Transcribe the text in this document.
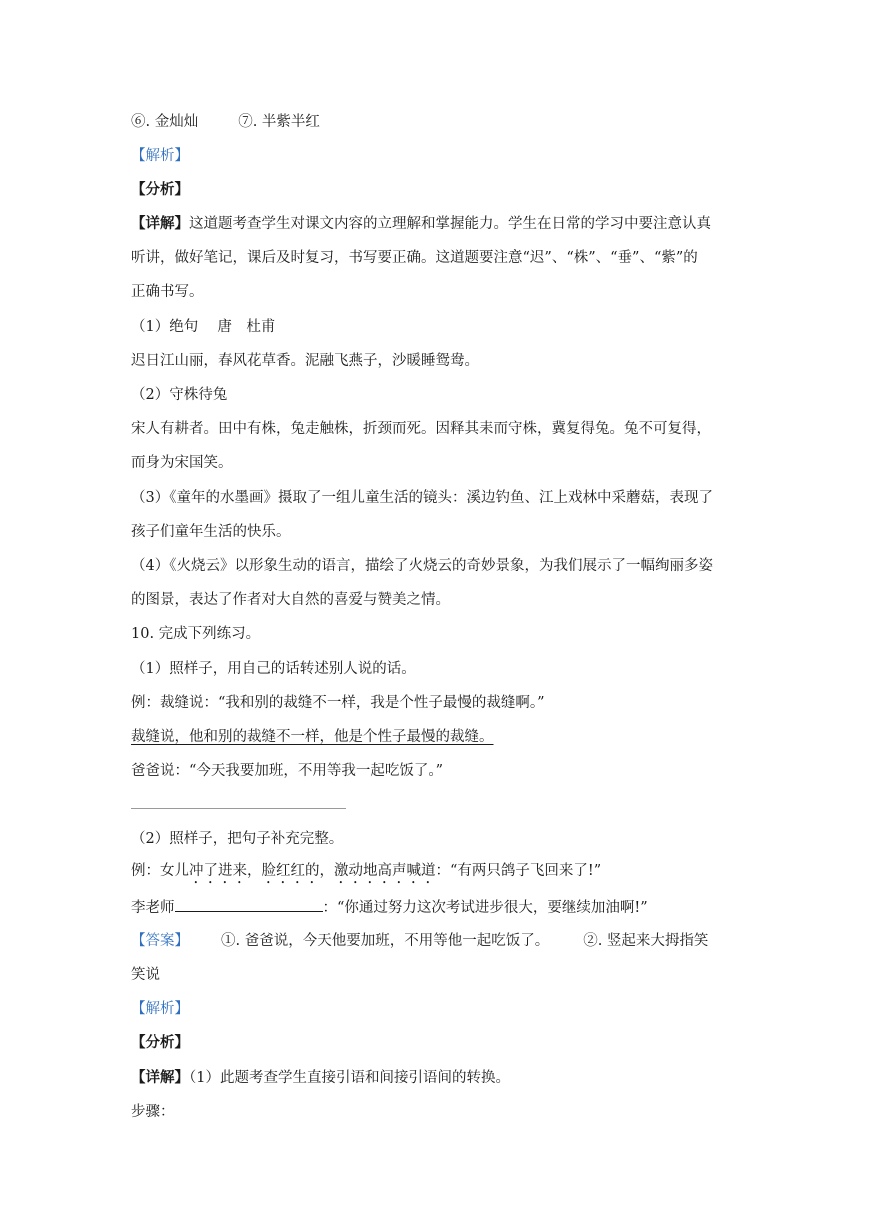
⑥. 金灿灿	⑦. 半紫半红
【解析】
【分析】
【详解】这道题考查学生对课文内容的立理解和掌握能力。学生在日常的学习中要注意认真
听讲，做好笔记，课后及时复习，书写要正确。这道题要注意“迟”、“株”、“垂”、“紫”的
正确书写。
（1）绝句　 唐　杜甫
迟日江山丽，春风花草香。泥融飞燕子，沙暖睡鸳鸯。
（2）守株待兔
宋人有耕者。田中有株，兔走触株，折颈而死。因释其耒而守株，冀复得兔。兔不可复得，
而身为宋国笑。
（3）《童年的水墨画》摄取了一组儿童生活的镜头：溪边钓鱼、江上戏林中采蘑菇，表现了
孩子们童年生活的快乐。
（4）《火烧云》以形象生动的语言，描绘了火烧云的奇妙景象，为我们展示了一幅绚丽多姿
的图景，表达了作者对大自然的喜爱与赞美之情。
10. 完成下列练习。
（1）照样子，用自己的话转述别人说的话。
例：裁缝说：“我和别的裁缝不一样，我是个性子最慢的裁缝啊。”
裁缝说，他和别的裁缝不一样，他是个性子最慢的裁缝。
爸爸说：“今天我要加班，不用等我一起吃饭了。”
（2）照样子，把句子补充完整。
例：女儿冲了进来，脸红红的，激动地高声喊道：“有两只鸽子飞回来了!”
李老师	：“你通过努力这次考试进步很大，要继续加油啊!”
【答案】 ①. 爸爸说，今天他要加班，不用等他一起吃饭了。 ②. 竖起来大拇指笑
笑说
【解析】
【分析】
【详解】（1）此题考查学生直接引语和间接引语间的转换。
步骤：
